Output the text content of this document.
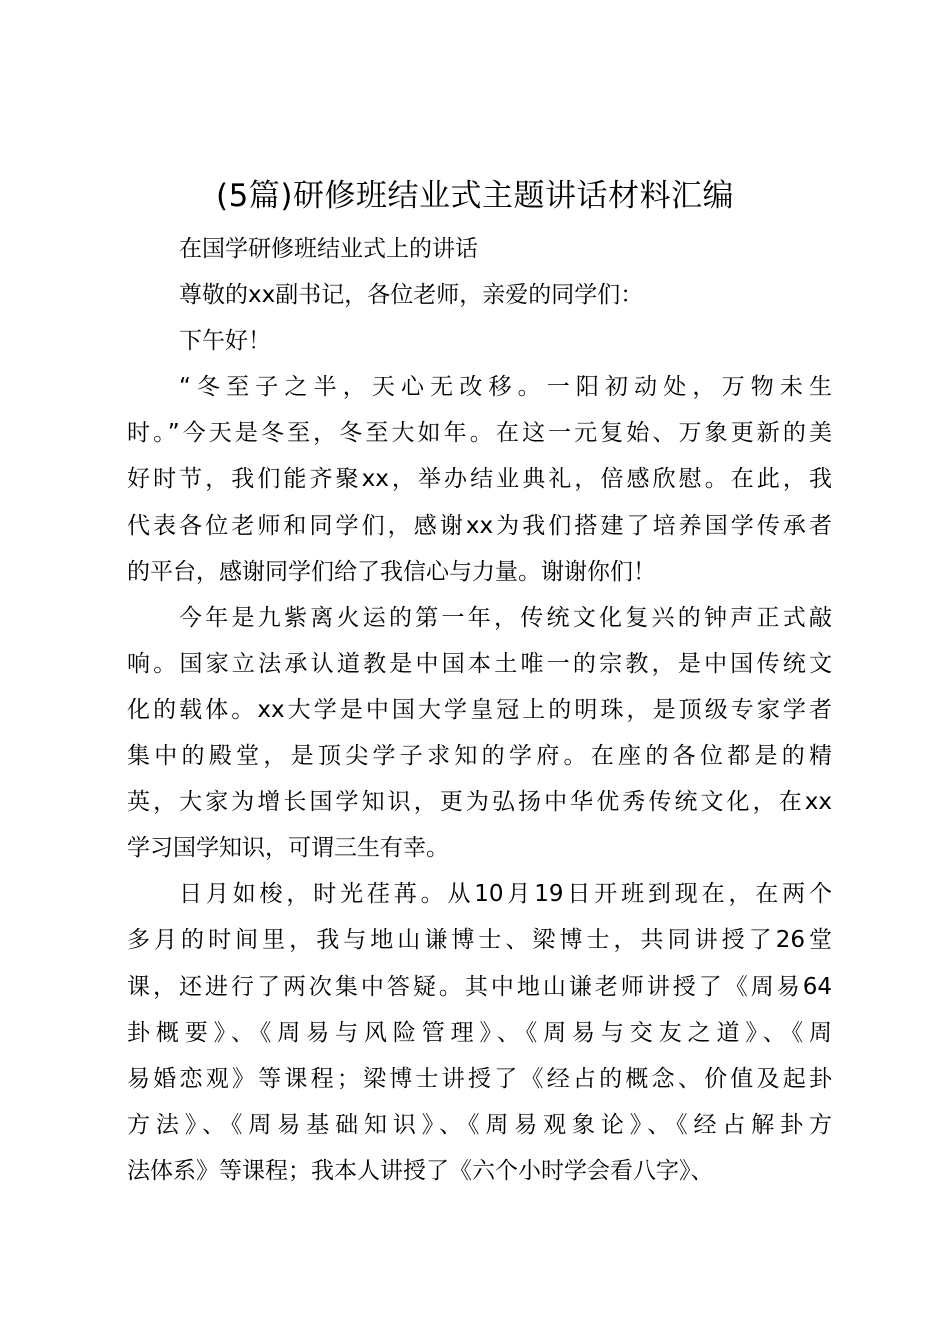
(5篇)研修班结业式主题讲话材料汇编

在国学研修班结业式上的讲话

尊敬的xx副书记，各位老师，亲爱的同学们：

下午好！

“冬至子之半，天心无改移。一阳初动处，万物未生
时。”今天是冬至，冬至大如年。在这一元复始、万象更新的美
好时节，我们能齐聚xx，举办结业典礼，倍感欣慰。在此，我
代表各位老师和同学们，感谢xx为我们搭建了培养国学传承者
的平台，感谢同学们给了我信心与力量。谢谢你们！

今年是九紫离火运的第一年，传统文化复兴的钟声正式敲
响。国家立法承认道教是中国本土唯一的宗教，是中国传统文
化的载体。xx大学是中国大学皇冠上的明珠，是顶级专家学者
集中的殿堂，是顶尖学子求知的学府。在座的各位都是的精
英，大家为增长国学知识，更为弘扬中华优秀传统文化，在xx
学习国学知识，可谓三生有幸。

日月如梭，时光荏苒。从10月19日开班到现在，在两个
多月的时间里，我与地山谦博士、梁博士，共同讲授了26堂
课，还进行了两次集中答疑。其中地山谦老师讲授了《周易64
卦概要》、《周易与风险管理》、《周易与交友之道》、《周
易婚恋观》等课程；梁博士讲授了《经占的概念、价值及起卦
方法》、《周易基础知识》、《周易观象论》、《经占解卦方
法体系》等课程；我本人讲授了《六个小时学会看八字》、
